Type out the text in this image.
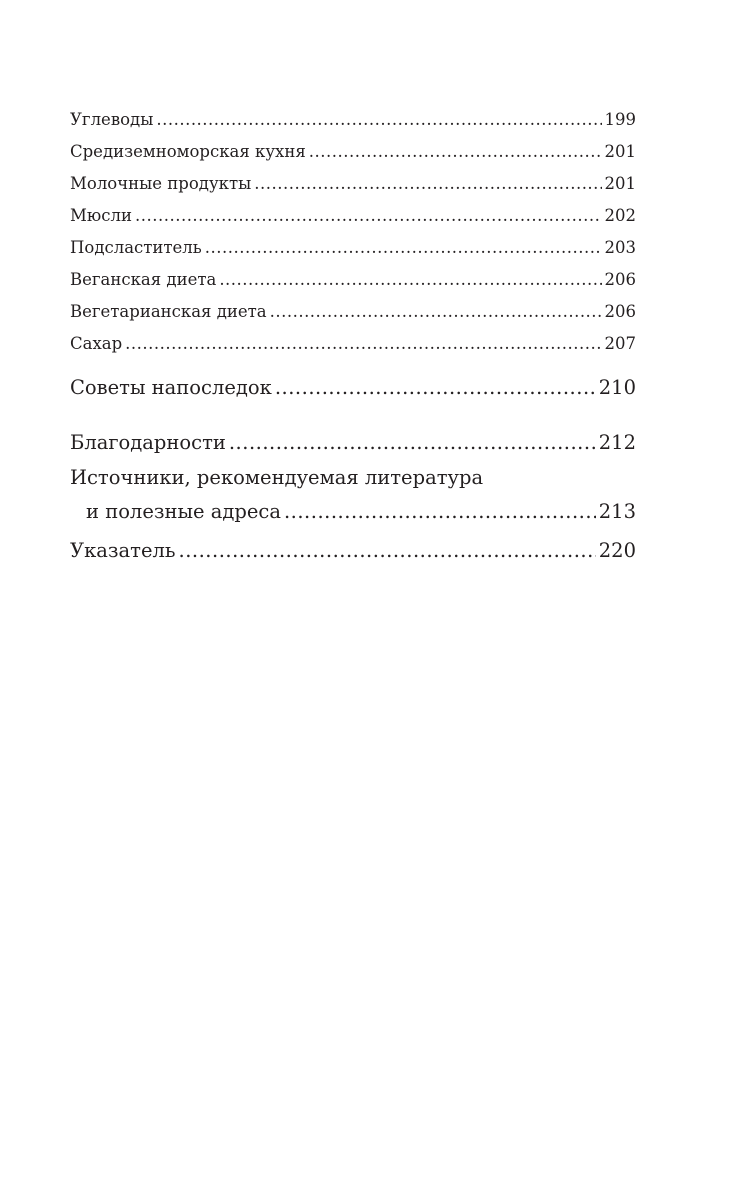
Углеводы .....	199
Средиземноморская кухня .....	201
Молочные продукты .....	201
Мюсли .....	202
Подсластитель .....	203
Веганская диета .....	206
Вегетарианская диета .....	206
Сахар .....	207
Советы напоследок .....	210
Благодарности .....	212
Источники, рекомендуемая литература
и полезные адреса .....	213
Указатель .....	220
